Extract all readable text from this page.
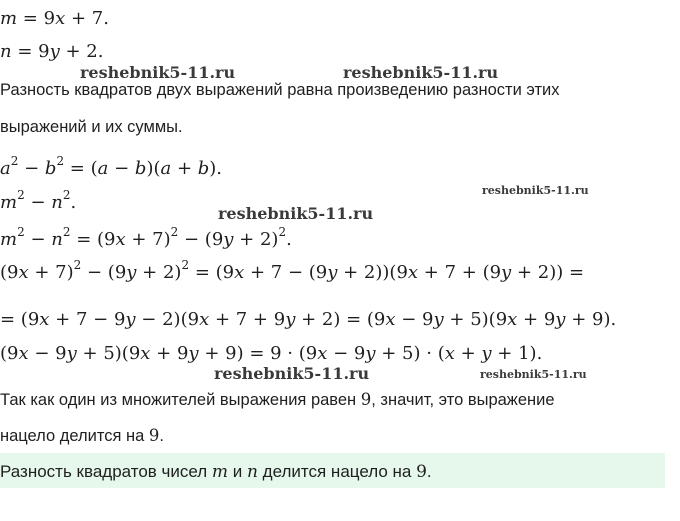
m = 9x + 7.
n = 9y + 2.
reshebnik5-11.ru	reshebnik5-11.ru
Разность квадратов двух выражений равна произведению разности этих
выражений и их суммы.
$a^2 - b^2 = (a - b)(a + b)$.
reshebnik5-11.ru
$m^2 - n^2$.
reshebnik5-11.ru
$m^2 - n^2 = (9x + 7)^2 - (9y + 2)^2$.
$(9x + 7)^2 - (9y + 2)^2 = (9x + 7 - (9y + 2))(9x + 7 + (9y + 2))$ =
= (9x + 7 − 9y − 2)(9x + 7 + 9y + 2) = (9x − 9y + 5)(9x + 9y + 9).
(9x − 9y + 5)(9x + 9y + 9) = 9 · (9x − 9y + 5) · (x + y + 1).
reshebnik5-11.ru	reshebnik5-11.ru
Так как один из множителей выражения равен 9, значит, это выражение
нацело делится на 9.
Разность квадратов чисел m и n делится нацело на 9.
